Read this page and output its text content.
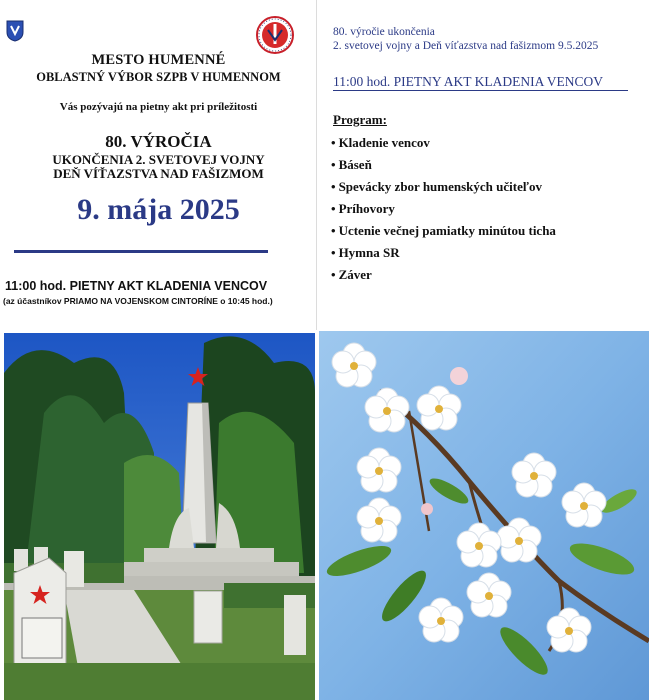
MESTO HUMENNÉ
OBLASTNÝ VÝBOR SZPB V HUMENNOM
Vás pozývajú na pietny akt pri príležitosti
80. VÝROČIA
UKONČENIA 2. SVETOVEJ VOJNY
DEŇ VÍŤAZSTVA NAD FAŠIZMOM
9. mája 2025
11:00 hod. PIETNY AKT KLADENIA VENCOV
(az účastníkov PRIAMO NA VOJENSKOM CINTORÍNE o 10:45 hod.)
80. výročie ukončenia
2. svetovej vojny a Deň víťazstva nad fašizmom 9.5.2025
11:00 hod. PIETNY AKT KLADENIA VENCOV
Program:
• Kladenie vencov
• Báseň
• Spevácky zbor humenských učiteľov
• Príhovory
• Uctenie večnej pamiatky minútou ticha
• Hymna SR
• Záver
